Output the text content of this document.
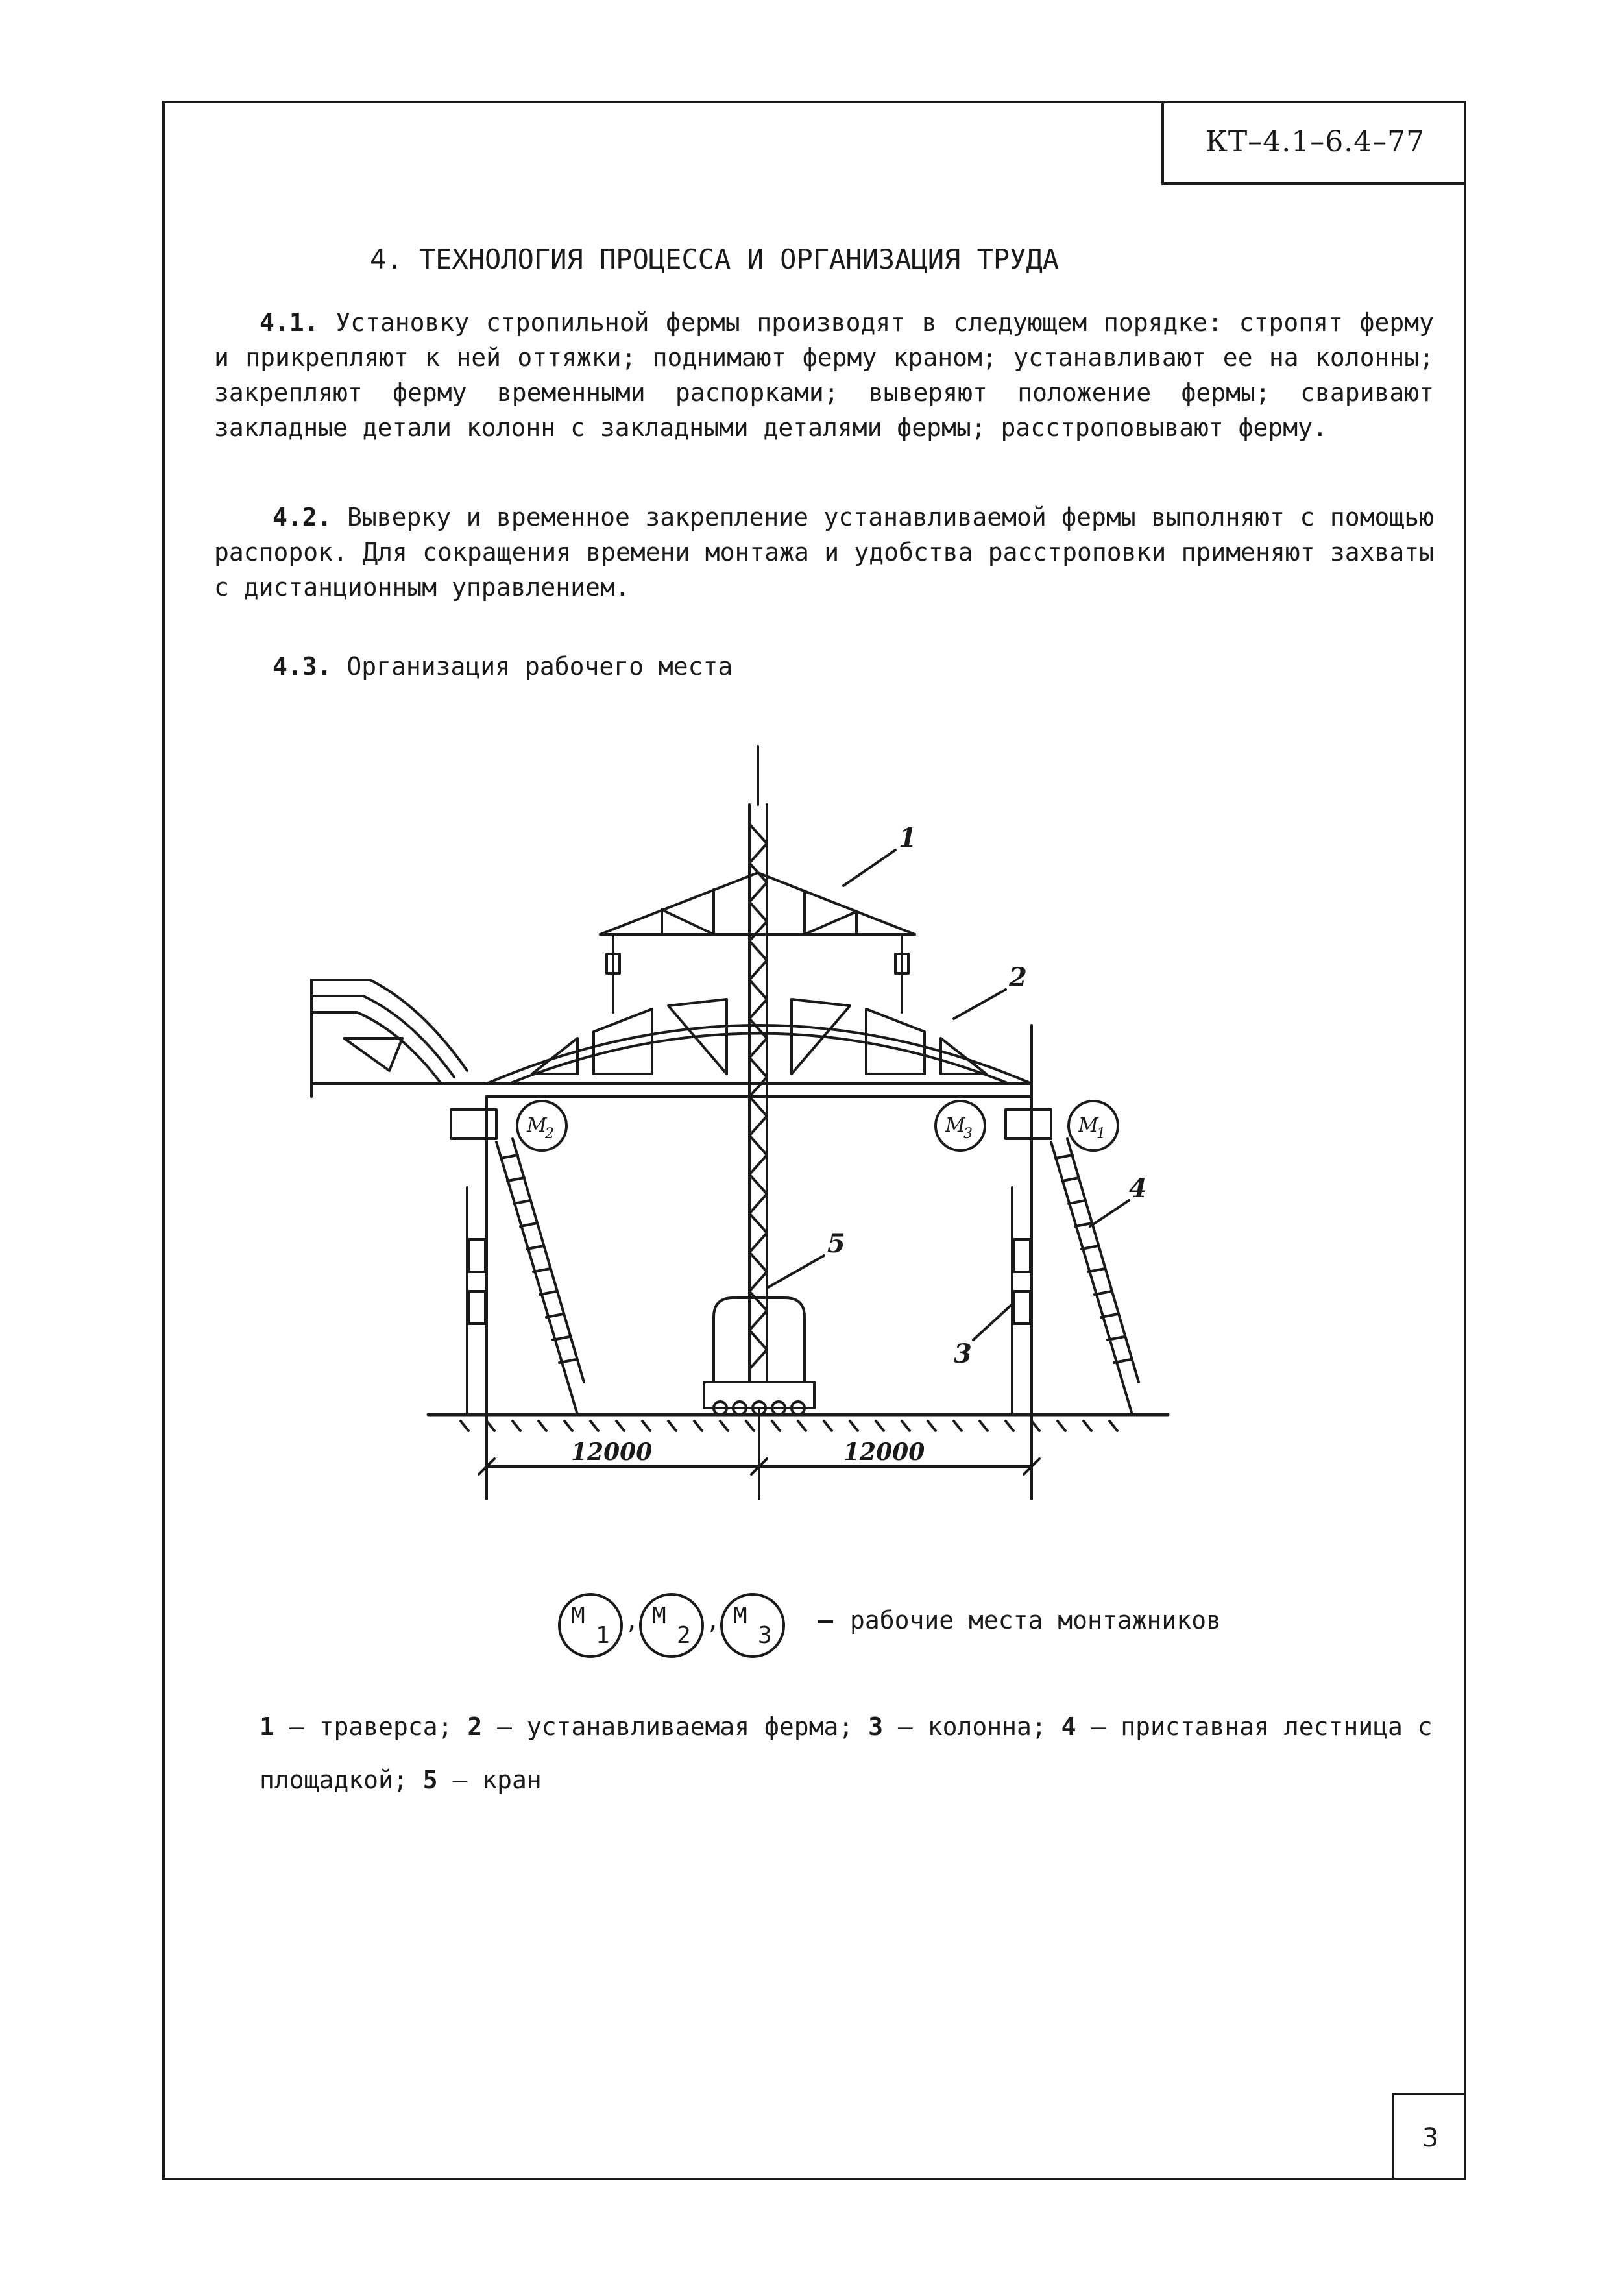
КТ–4.1–6.4–77
4. ТЕХНОЛОГИЯ ПРОЦЕССА И ОРГАНИЗАЦИЯ ТРУДА
4.1. Установку стропильной фермы производят в следующем порядке: стропят ферму и прикрепляют к ней оттяжки; поднимают ферму краном; устанавливают ее на колонны; закрепляют ферму временными распорками; выверяют положение фермы; сваривают закладные детали колонн с закладными деталями фермы; расстроповывают ферму.
4.2. Выверку и временное закрепление устанавливаемой фермы выполняют с помощью распорок. Для сокращения времени монтажа и удобства расстроповки применяют захваты с дистанционным управлением.
4.3. Организация рабочего места
1
2
3
4
5
12000	12000
М
2	М
3	М
1
М
1
, М
2
, М
3
– рабочие места монтажников
1 – траверса; 2 – устанавливаемая ферма; 3 – колонна; 4 – приставная лестница с площадкой; 5 – кран
3
